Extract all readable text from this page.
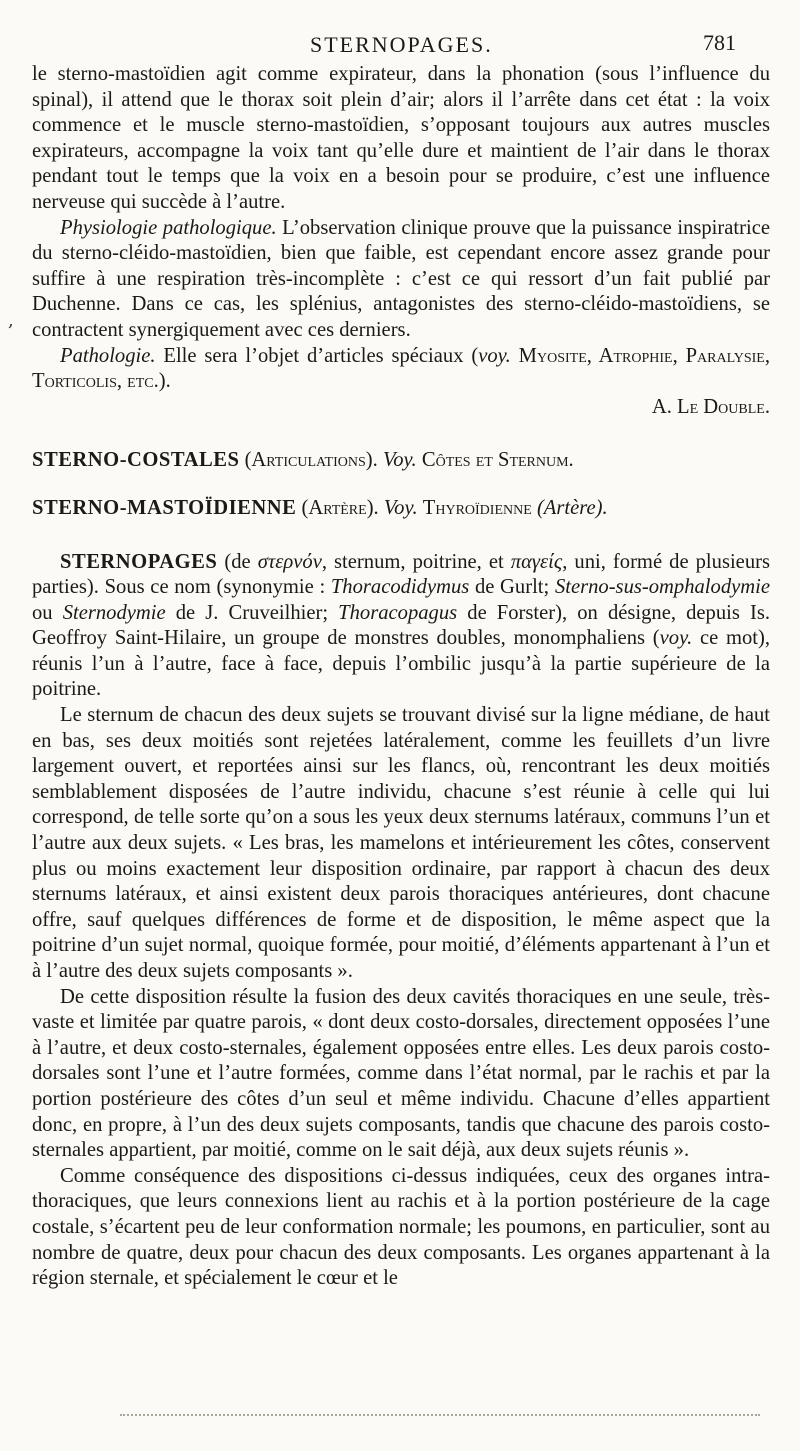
STERNOPAGES.	781
,

le sterno-mastoïdien agit comme expirateur, dans la phonation (sous l’influence du spinal), il attend que le thorax soit plein d’air; alors il l’arrête dans cet état : la voix commence et le muscle sterno-mastoïdien, s’opposant toujours aux autres muscles expirateurs, accompagne la voix tant qu’elle dure et maintient de l’air dans le thorax pendant tout le temps que la voix en a besoin pour se produire, c’est une influence nerveuse qui succède à l’autre.

Physiologie pathologique. L’observation clinique prouve que la puissance inspiratrice du sterno-cléido-mastoïdien, bien que faible, est cependant encore assez grande pour suffire à une respiration très-incomplète : c’est ce qui ressort d’un fait publié par Duchenne. Dans ce cas, les splénius, antagonistes des sterno-cléido-mastoïdiens, se contractent synergiquement avec ces derniers.

Pathologie. Elle sera l’objet d’articles spéciaux (voy. Myosite, Atrophie, Paralysie, Torticolis, etc.).

A. Le Double.

STERNO-COSTALES (Articulations). Voy. Côtes et Sternum.

STERNO-MASTOÏDIENNE (Artère). Voy. Thyroïdienne (Artère).

STERNOPAGES (de στερνόν, sternum, poitrine, et παγείς, uni, formé de plusieurs parties). Sous ce nom (synonymie : Thoracodidymus de Gurlt; Sterno-sus-omphalodymie ou Sternodymie de J. Cruveilhier; Thoracopagus de Forster), on désigne, depuis Is. Geoffroy Saint-Hilaire, un groupe de monstres doubles, monomphaliens (voy. ce mot), réunis l’un à l’autre, face à face, depuis l’ombilic jusqu’à la partie supérieure de la poitrine.

Le sternum de chacun des deux sujets se trouvant divisé sur la ligne médiane, de haut en bas, ses deux moitiés sont rejetées latéralement, comme les feuillets d’un livre largement ouvert, et reportées ainsi sur les flancs, où, rencontrant les deux moitiés semblablement disposées de l’autre individu, chacune s’est réunie à celle qui lui correspond, de telle sorte qu’on a sous les yeux deux sternums latéraux, communs l’un et l’autre aux deux sujets. « Les bras, les mamelons et intérieurement les côtes, conservent plus ou moins exactement leur disposition ordinaire, par rapport à chacun des deux sternums latéraux, et ainsi existent deux parois thoraciques antérieures, dont chacune offre, sauf quelques différences de forme et de disposition, le même aspect que la poitrine d’un sujet normal, quoique formée, pour moitié, d’éléments appartenant à l’un et à l’autre des deux sujets composants ».

De cette disposition résulte la fusion des deux cavités thoraciques en une seule, très-vaste et limitée par quatre parois, « dont deux costo-dorsales, directement opposées l’une à l’autre, et deux costo-sternales, également opposées entre elles. Les deux parois costo-dorsales sont l’une et l’autre formées, comme dans l’état normal, par le rachis et par la portion postérieure des côtes d’un seul et même individu. Chacune d’elles appartient donc, en propre, à l’un des deux sujets composants, tandis que chacune des parois costo-sternales appartient, par moitié, comme on le sait déjà, aux deux sujets réunis ».

Comme conséquence des dispositions ci-dessus indiquées, ceux des organes intra-thoraciques, que leurs connexions lient au rachis et à la portion postérieure de la cage costale, s’écartent peu de leur conformation normale; les poumons, en particulier, sont au nombre de quatre, deux pour chacun des deux composants. Les organes appartenant à la région sternale, et spécialement le cœur et le
